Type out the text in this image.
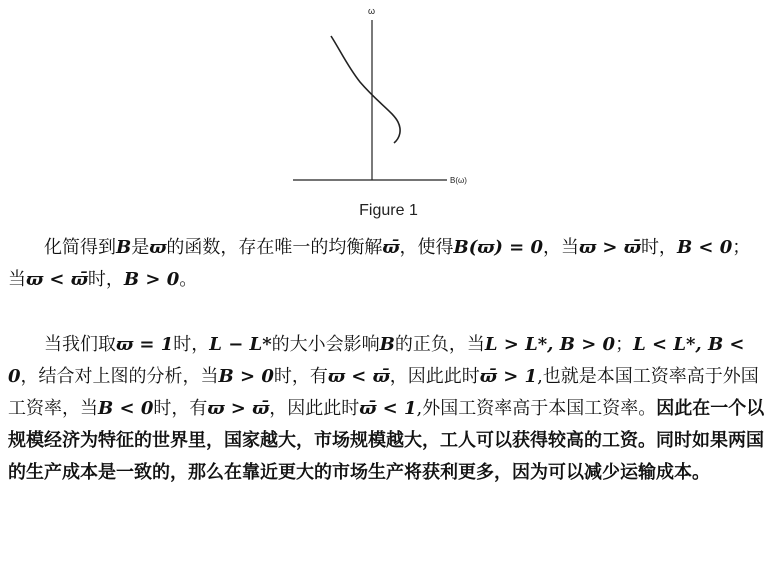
ω
B(ω)
Figure 1

化简得到B是ϖ的函数，存在唯一的均衡解ϖ̄，使得B(ϖ) = 0，当ϖ > ϖ̄时，B < 0；当ϖ < ϖ̄时，B > 0。

当我们取ϖ = 1时，L − L*的大小会影响B的正负，当L > L*, B > 0；L < L*, B < 0，结合对上图的分析，当B > 0时，有ϖ < ϖ̄，因此此时ϖ̄ > 1,也就是本国工资率高于外国工资率，当B < 0时，有ϖ > ϖ̄，因此此时ϖ̄ < 1,外国工资率高于本国工资率。因此在一个以规模经济为特征的世界里，国家越大，市场规模越大，工人可以获得较高的工资。同时如果两国的生产成本是一致的，那么在靠近更大的市场生产将获利更多，因为可以减少运输成本。
